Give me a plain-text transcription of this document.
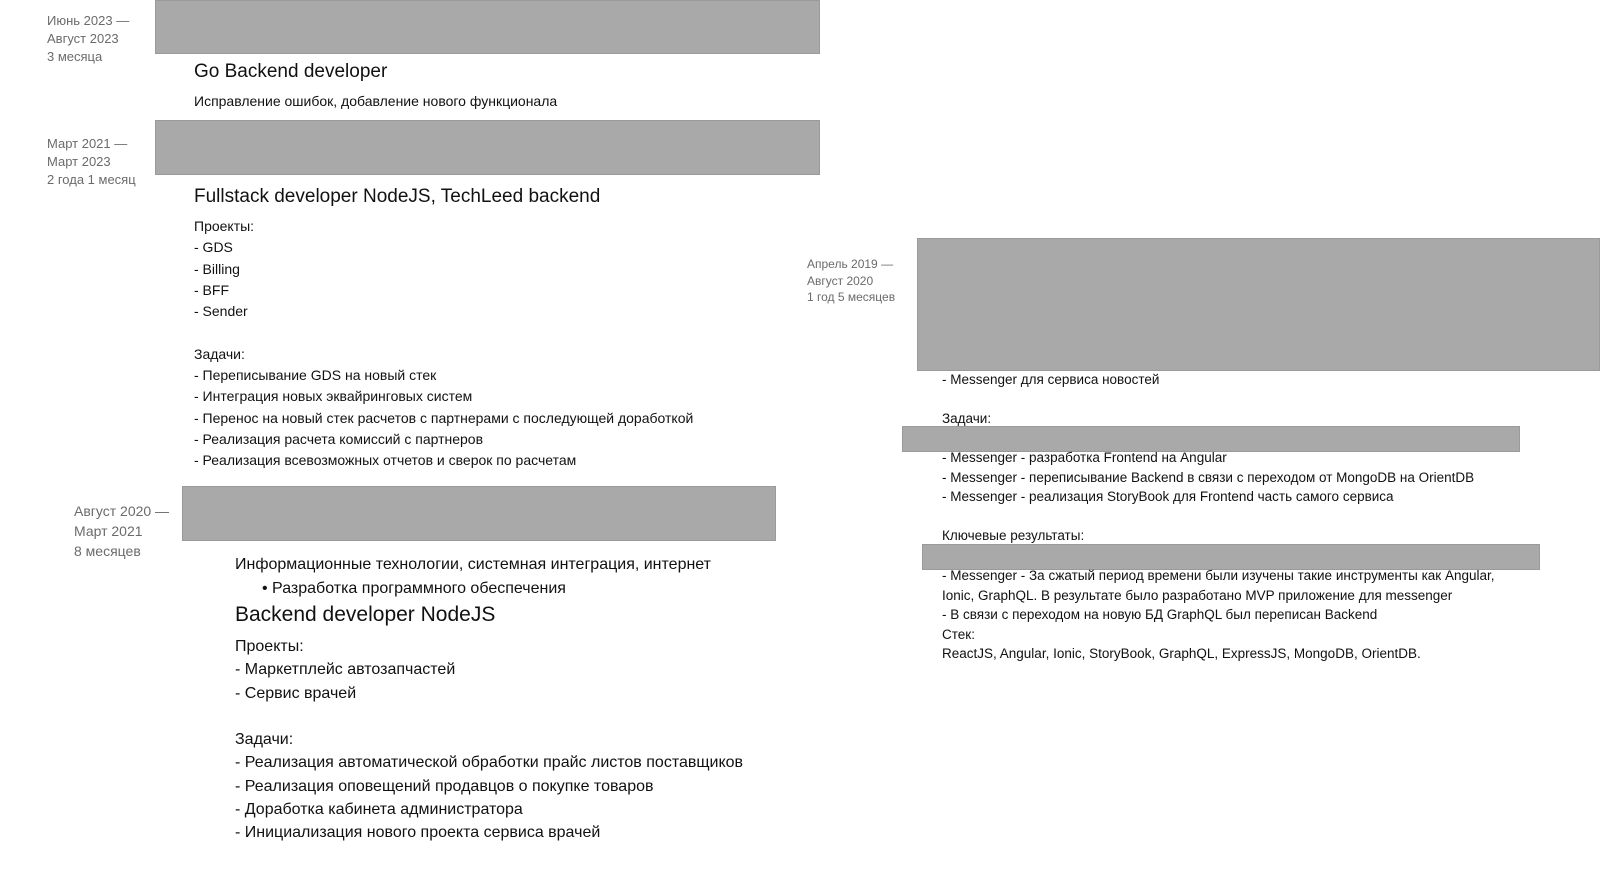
Июнь 2023 —
Август 2023
3 месяца
Go Backend developer
Исправление ошибок, добавление нового функционала
Март 2021 —
Март 2023
2 года 1 месяц
Fullstack developer NodeJS, TechLeed backend
Проекты:
- GDS
- Billing
- BFF
- Sender
Задачи:
- Переписывание GDS на новый стек
- Интеграция новых эквайринговых систем
- Перенос на новый стек расчетов с партнерами с последующей доработкой
- Реализация расчета комиссий с партнеров
- Реализация всевозможных отчетов и сверок по расчетам
Август 2020 —
Март 2021
8 месяцев
Информационные технологии, системная интеграция, интернет
• Разработка программного обеспечения
Backend developer NodeJS
Проекты:
- Маркетплейс автозапчастей
- Сервис врачей
Задачи:
- Реализация автоматической обработки прайс листов поставщиков
- Реализация оповещений продавцов о покупке товаров
- Доработка кабинета администратора
- Инициализация нового проекта сервиса врачей
Апрель 2019 —
Август 2020
1 год 5 месяцев
- Messenger для сервиса новостей
Задачи:
- Messenger - разработка Frontend на Angular
- Messenger - переписывание Backend в связи с переходом от MongoDB на OrientDB
- Messenger - реализация StoryBook для Frontend часть самого сервиса
Ключевые результаты:
- Messenger - За сжатый период времени были изучены такие инструменты как Angular,
Ionic, GraphQL. В результате было разработано MVP приложение для messenger
- В связи с переходом на новую БД GraphQL был переписан Backend
Стек:
ReactJS, Angular, Ionic, StoryBook, GraphQL, ExpressJS, MongoDB, OrientDB.
